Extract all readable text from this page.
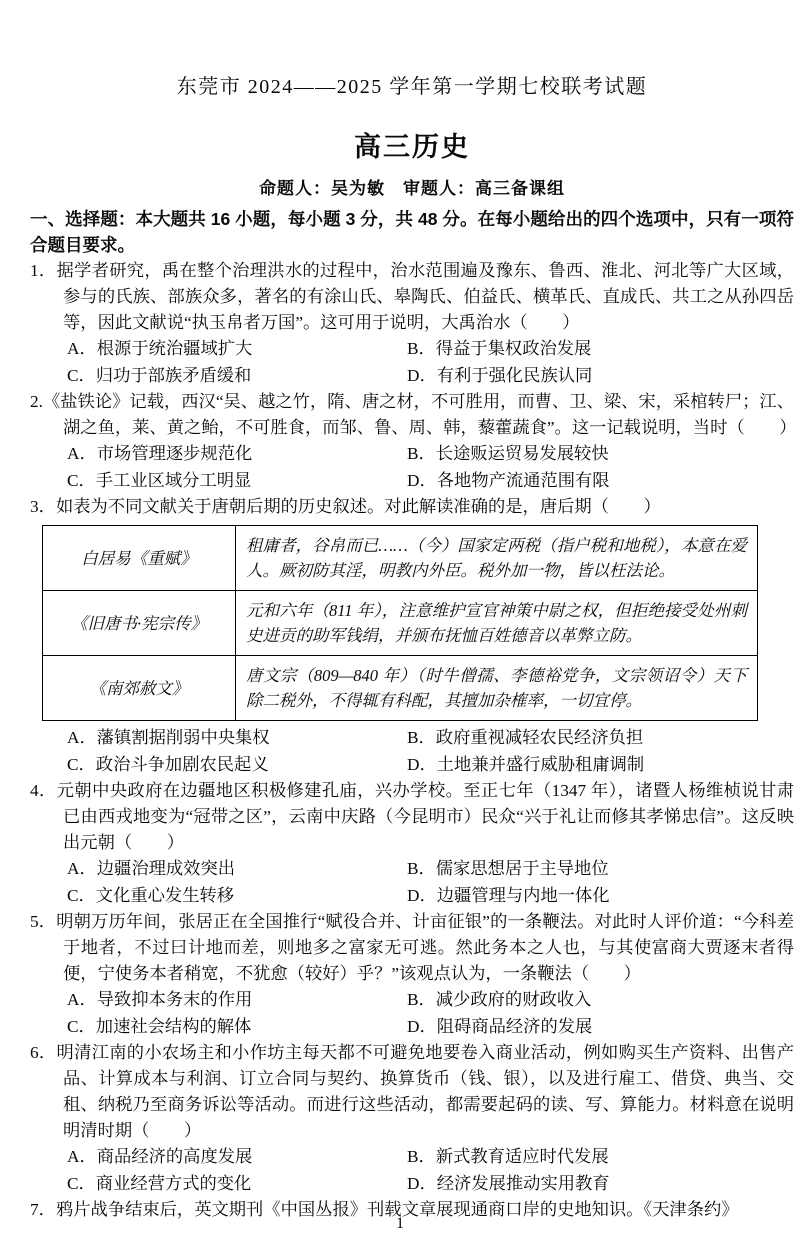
东莞市 2024——2025 学年第一学期七校联考试题
高三历史
命题人：吴为敏　审题人：高三备课组
一、选择题：本大题共 16 小题，每小题 3 分，共 48 分。在每小题给出的四个选项中，只有一项符合题目要求。
1．据学者研究，禹在整个治理洪水的过程中，治水范围遍及豫东、鲁西、淮北、河北等广大区域，参与的氏族、部族众多，著名的有涂山氏、皋陶氏、伯益氏、横革氏、直成氏、共工之从孙四岳等，因此文献说“执玉帛者万国”。这可用于说明，大禹治水（　　）
A．根源于统治疆域扩大	B．得益于集权政治发展
C．归功于部族矛盾缓和	D．有利于强化民族认同
2.《盐铁论》记载，西汉“吴、越之竹，隋、唐之材，不可胜用，而曹、卫、梁、宋，采棺转尸；江、湖之鱼，莱、黄之鲐，不可胜食，而邹、鲁、周、韩，藜藿蔬食”。这一记载说明，当时（　　）
A．市场管理逐步规范化	B．长途贩运贸易发展较快
C．手工业区域分工明显	D．各地物产流通范围有限
3．如表为不同文献关于唐朝后期的历史叙述。对此解读准确的是，唐后期（　　）
白居易《重赋》	租庸者，谷帛而已……（今）国家定两税（指户税和地税），本意在爱人。厥初防其淫，明教内外臣。税外加一物，皆以枉法论。
《旧唐书·宪宗传》	元和六年（811 年），注意维护宣官神策中尉之权，但拒绝接受处州刺史进贡的助军钱绢，并颁布抚恤百姓德音以革弊立防。
《南郊赦文》	唐文宗（809—840 年）（时牛僧孺、李德裕党争，文宗领诏令）天下除二税外，不得辄有科配，其擅加杂榷率，一切宜停。
A．藩镇割据削弱中央集权	B．政府重视减轻农民经济负担
C．政治斗争加剧农民起义	D．土地兼并盛行威胁租庸调制
4．元朝中央政府在边疆地区积极修建孔庙，兴办学校。至正七年（1347 年），诸暨人杨维桢说甘肃已由西戎地变为“冠带之区”，云南中庆路（今昆明市）民众“兴于礼让而修其孝悌忠信”。这反映出元朝（　　）
A．边疆治理成效突出	B．儒家思想居于主导地位
C．文化重心发生转移	D．边疆管理与内地一体化
5．明朝万历年间，张居正在全国推行“赋役合并、计亩征银”的一条鞭法。对此时人评价道：“今科差于地者，不过曰计地而差，则地多之富家无可逃。然此务本之人也，与其使富商大贾逐末者得便，宁使务本者稍宽，不犹愈（较好）乎？”该观点认为，一条鞭法（　　）
A．导致抑本务末的作用	B．减少政府的财政收入
C．加速社会结构的解体	D．阻碍商品经济的发展
6．明清江南的小农场主和小作坊主每天都不可避免地要卷入商业活动，例如购买生产资料、出售产品、计算成本与利润、订立合同与契约、换算货币（钱、银），以及进行雇工、借贷、典当、交租、纳税乃至商务诉讼等活动。而进行这些活动，都需要起码的读、写、算能力。材料意在说明明清时期（　　）
A．商品经济的高度发展	B．新式教育适应时代发展
C．商业经营方式的变化	D．经济发展推动实用教育
7．鸦片战争结束后，英文期刊《中国丛报》刊载文章展现通商口岸的史地知识。《天津条约》
1
